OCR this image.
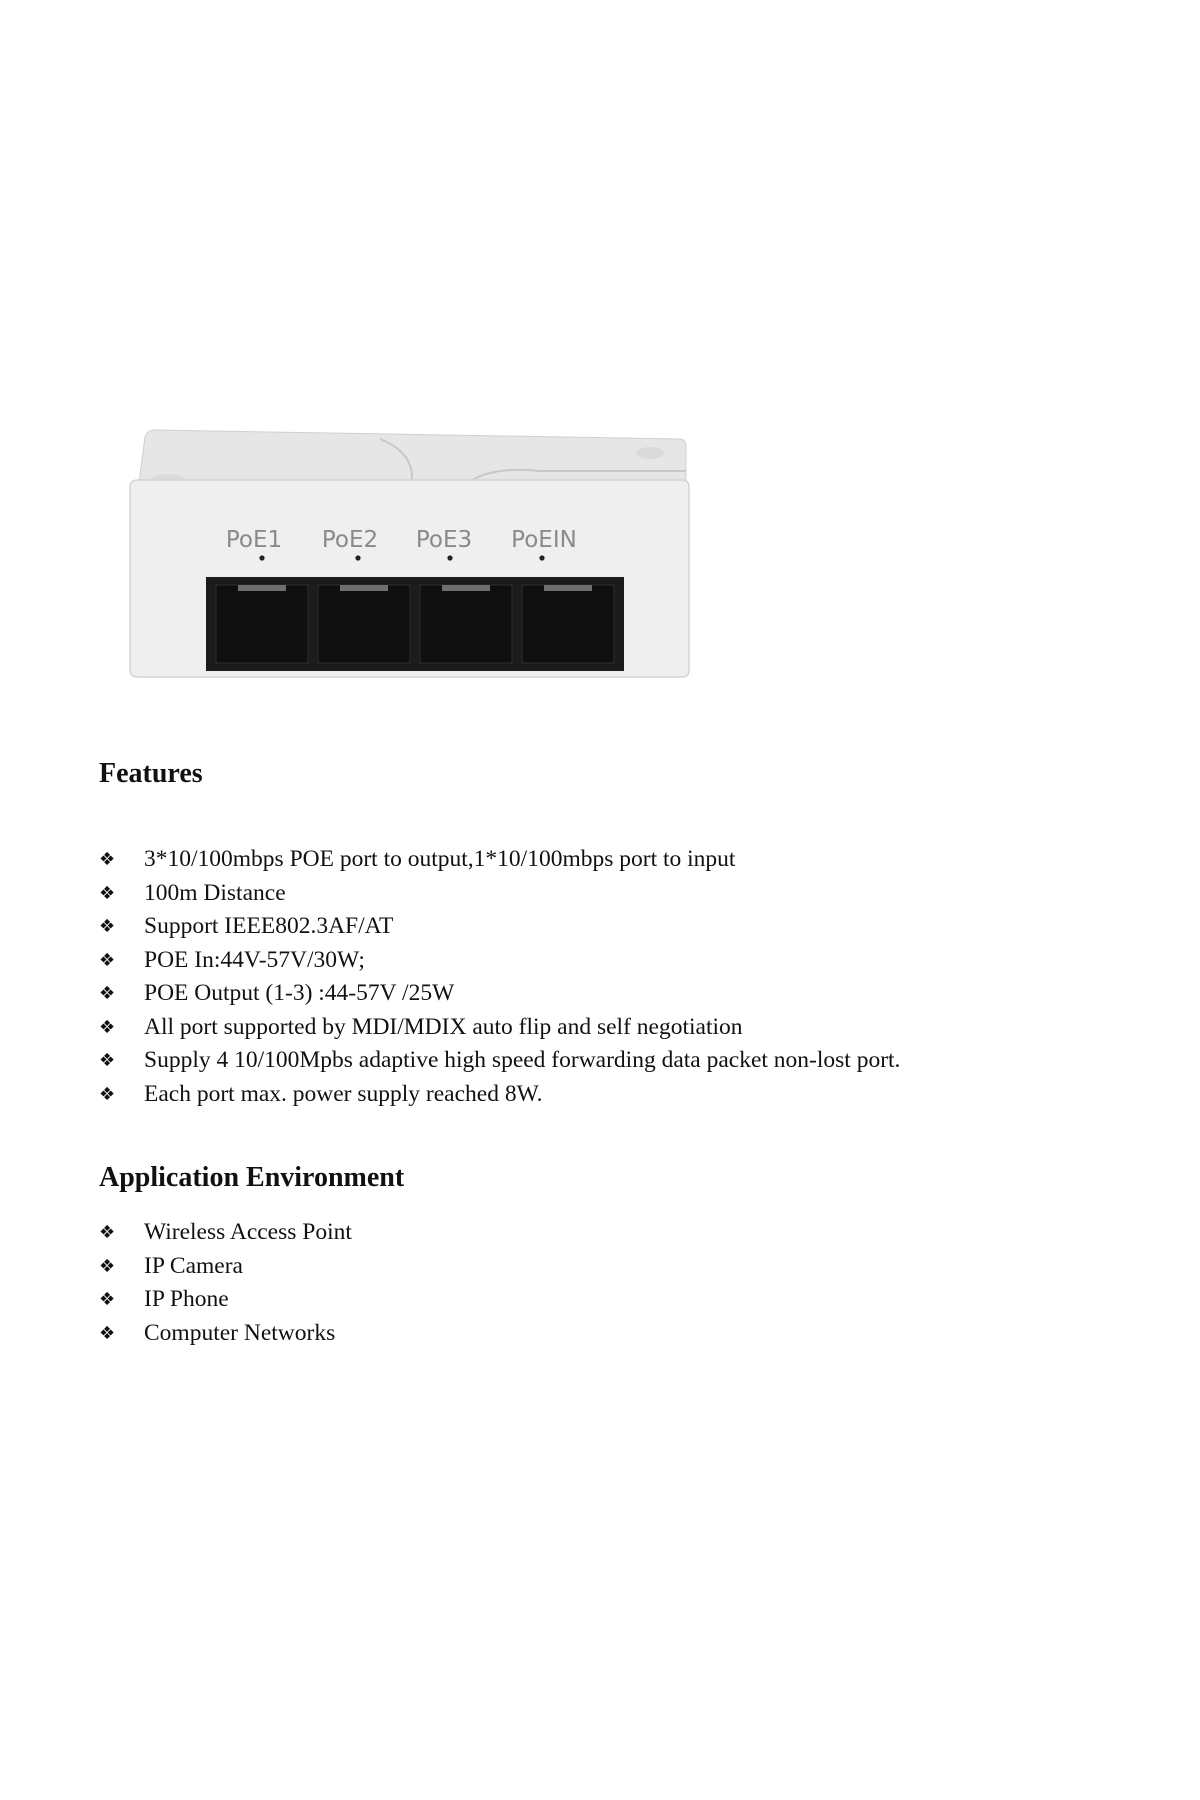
PoE1 PoE2 PoE3 PoEIN
Features
❖	3*10/100mbps POE port to output,1*10/100mbps port to input
❖	100m Distance
❖	Support IEEE802.3AF/AT
❖	POE In:44V-57V/30W;
❖	POE Output (1-3) :44-57V /25W
❖	All port supported by MDI/MDIX auto flip and self negotiation
❖	Supply 4 10/100Mpbs adaptive high speed forwarding data packet non-lost port.
❖	Each port max. power supply reached 8W.
Application Environment
❖	Wireless Access Point
❖	IP Camera
❖	IP Phone
❖	Computer Networks
